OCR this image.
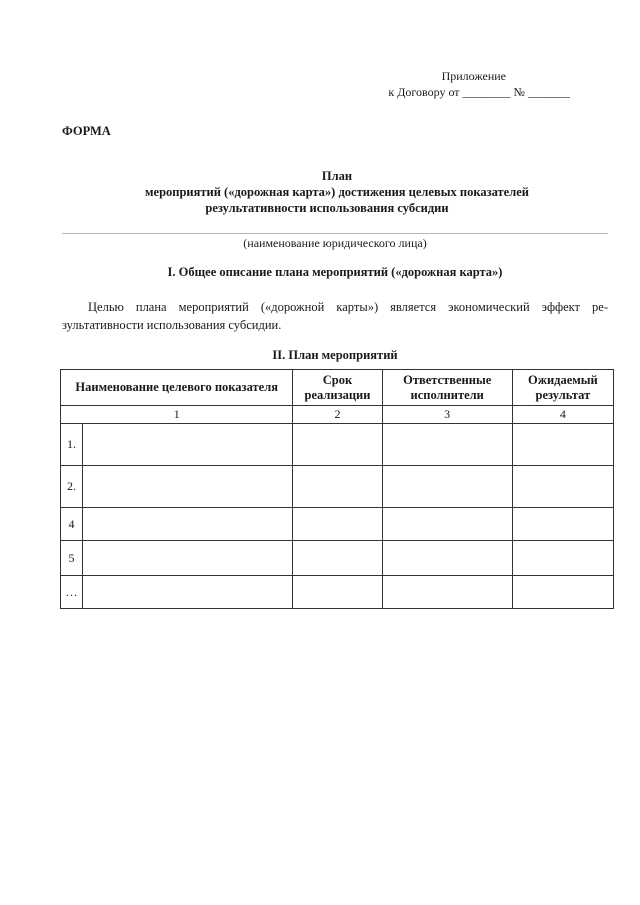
Приложение
к Договору от ________ № _______
ФОРМА
План
мероприятий («дорожная карта») достижения целевых показателей
результативности использования субсидии
(наименование юридического лица)
I. Общее описание плана мероприятий («дорожная карта»)
Целью плана мероприятий («дорожной карты») является экономический эффект ре-
зультативности использования субсидии.
II. План мероприятий
Наименование целевого показателя		Срок реализации	Ответственные исполнители	Ожидаемый результат
1		2	3	4
1.				
2.				
4				
5				
…				
